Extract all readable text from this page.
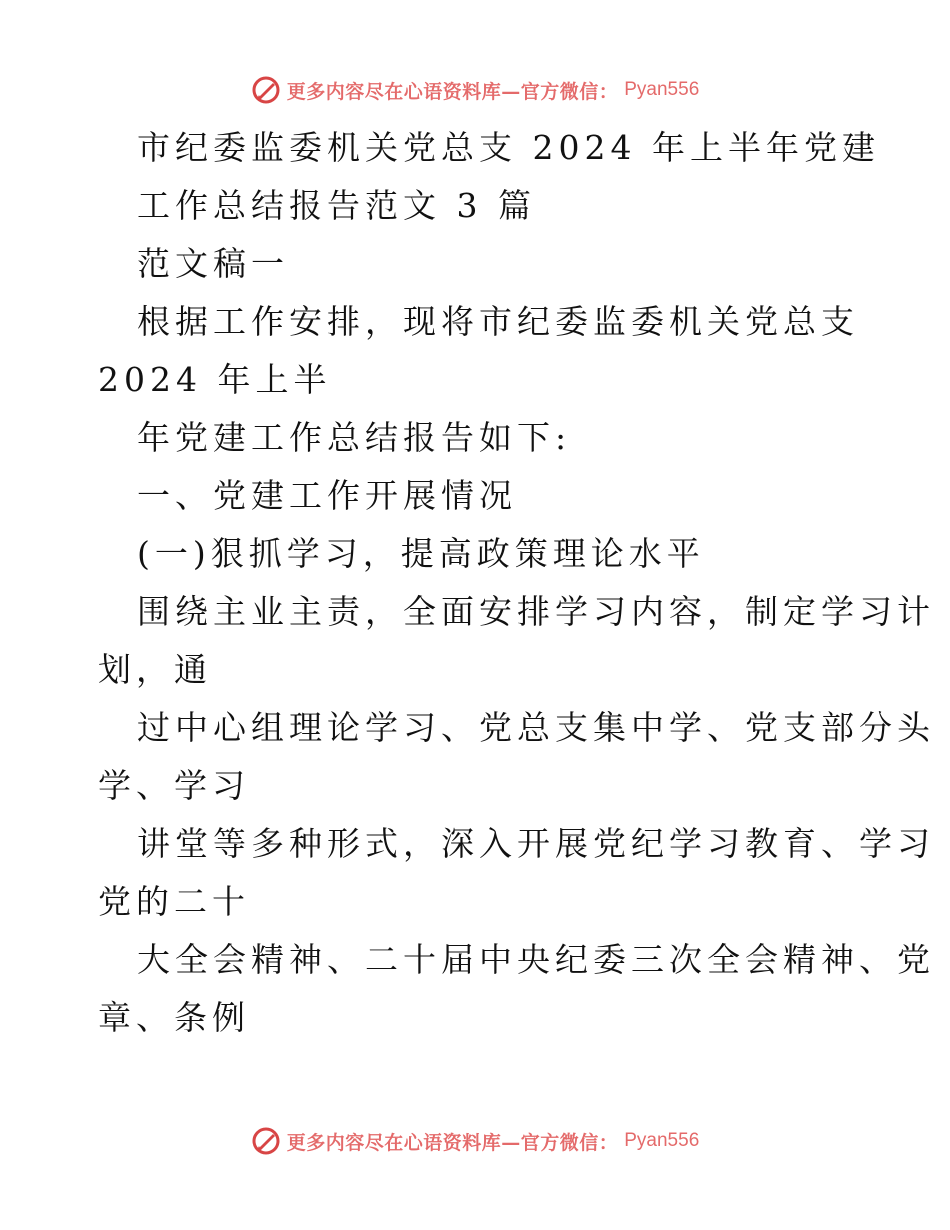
更多内容尽在心语资料库—官方微信： Pyan556
市纪委监委机关党总支 2024 年上半年党建
工作总结报告范文 3 篇
范文稿一
根据工作安排，现将市纪委监委机关党总支
2024 年上半
年党建工作总结报告如下:
一、党建工作开展情况
(一)狠抓学习，提高政策理论水平
围绕主业主责，全面安排学习内容，制定学习计
划，通
过中心组理论学习、党总支集中学、党支部分头
学、学习
讲堂等多种形式，深入开展党纪学习教育、学习
党的二十
大全会精神、二十届中央纪委三次全会精神、党
章、条例
更多内容尽在心语资料库—官方微信： Pyan556
